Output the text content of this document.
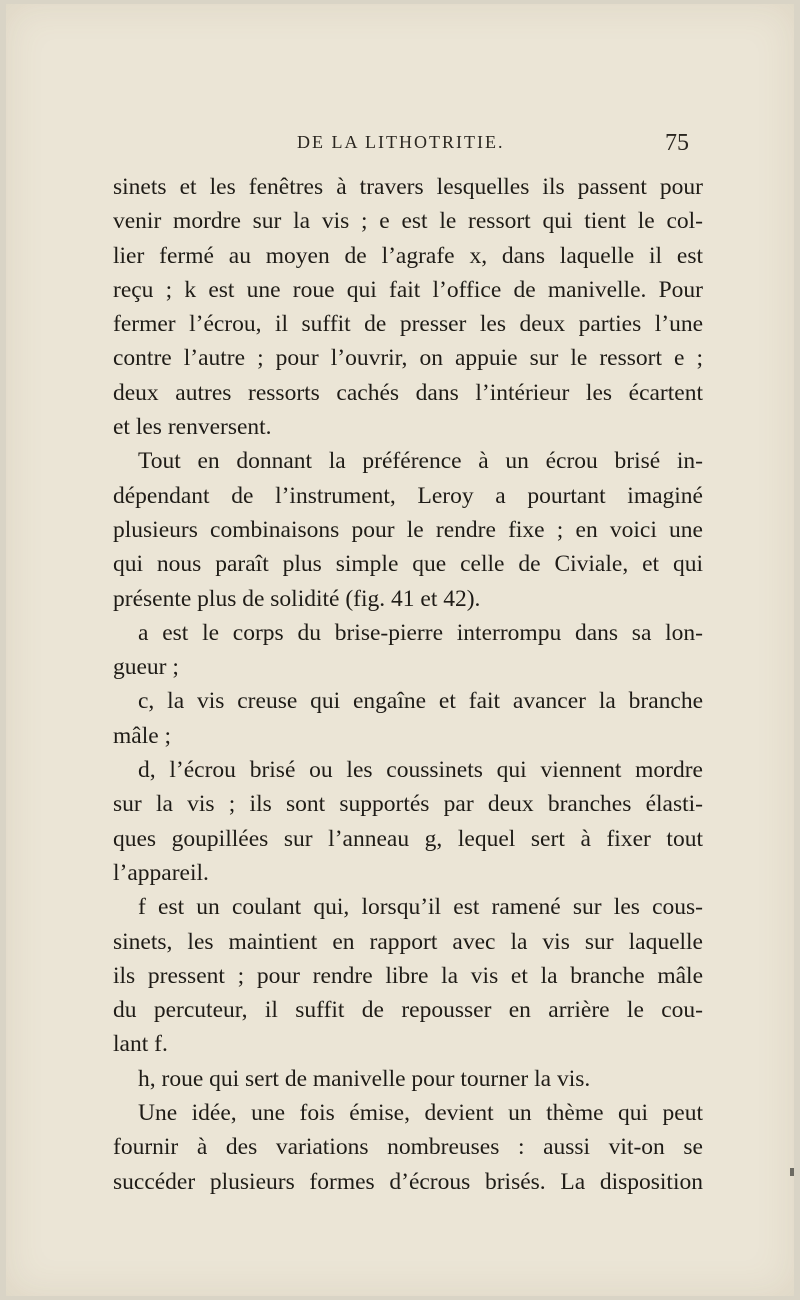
DE LA LITHOTRITIE.	75
sinets et les fenêtres à travers lesquelles ils passent pour
venir mordre sur la vis ; e est le ressort qui tient le col-
lier fermé au moyen de l’agrafe x, dans laquelle il est
reçu ; k est une roue qui fait l’office de manivelle. Pour
fermer l’écrou, il suffit de presser les deux parties l’une
contre l’autre ; pour l’ouvrir, on appuie sur le ressort e ;
deux autres ressorts cachés dans l’intérieur les écartent
et les renversent.
Tout en donnant la préférence à un écrou brisé in-
dépendant de l’instrument, Leroy a pourtant imaginé
plusieurs combinaisons pour le rendre fixe ; en voici une
qui nous paraît plus simple que celle de Civiale, et qui
présente plus de solidité (fig. 41 et 42).
a est le corps du brise-pierre interrompu dans sa lon-
gueur ;
c, la vis creuse qui engaîne et fait avancer la branche
mâle ;
d, l’écrou brisé ou les coussinets qui viennent mordre
sur la vis ; ils sont supportés par deux branches élasti-
ques goupillées sur l’anneau g, lequel sert à fixer tout
l’appareil.
f est un coulant qui, lorsqu’il est ramené sur les cous-
sinets, les maintient en rapport avec la vis sur laquelle
ils pressent ; pour rendre libre la vis et la branche mâle
du percuteur, il suffit de repousser en arrière le cou-
lant f.
h, roue qui sert de manivelle pour tourner la vis.
Une idée, une fois émise, devient un thème qui peut
fournir à des variations nombreuses : aussi vit-on se
succéder plusieurs formes d’écrous brisés. La disposition
